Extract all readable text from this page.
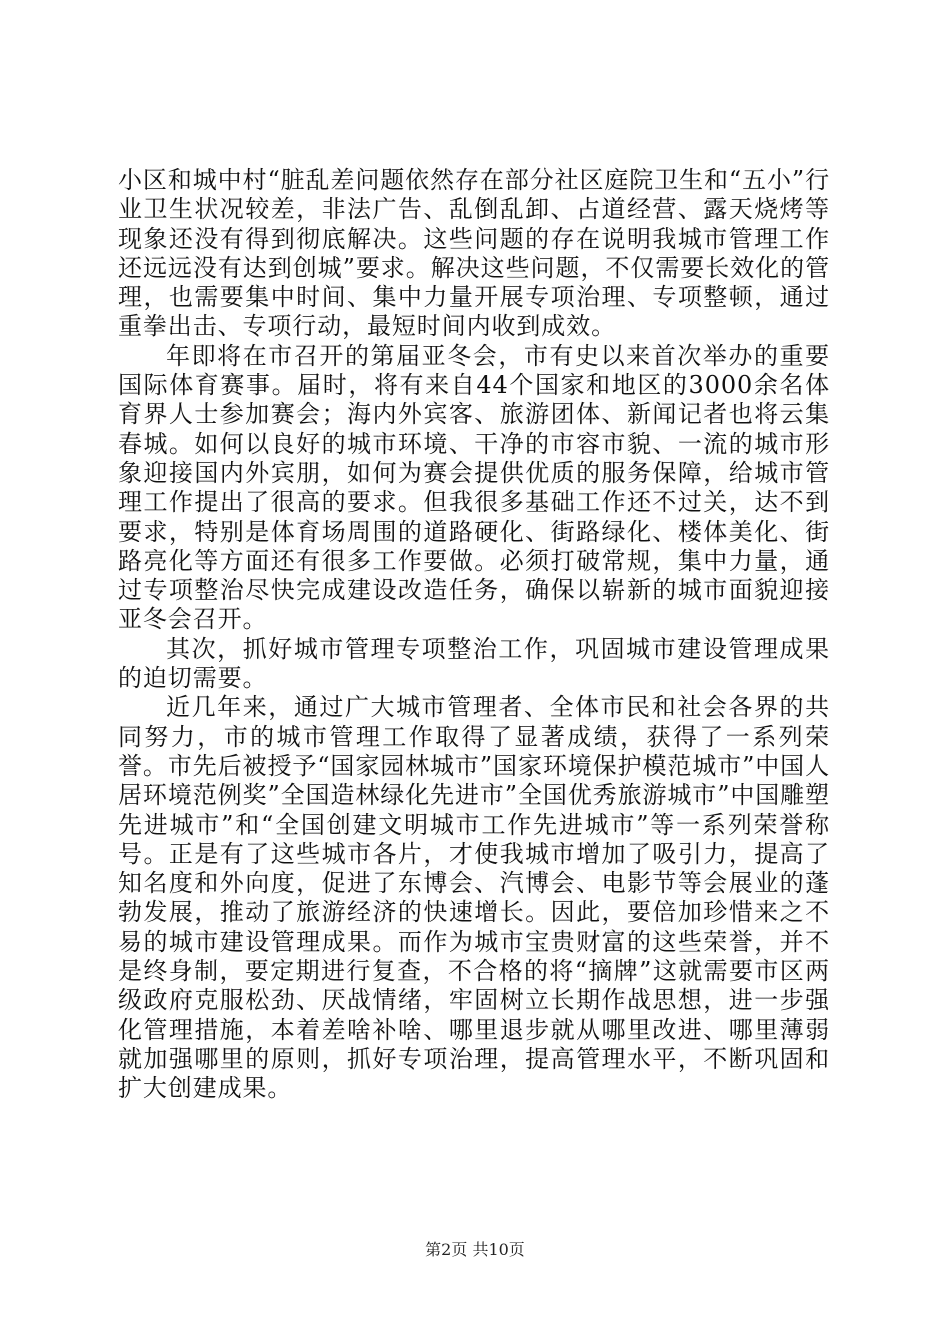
小区和城中村“脏乱差问题依然存在部分社区庭院卫生和“五小”行业卫生状况较差，非法广告、乱倒乱卸、占道经营、露天烧烤等现象还没有得到彻底解决。这些问题的存在说明我城市管理工作还远远没有达到创城”要求。解决这些问题，不仅需要长效化的管理，也需要集中时间、集中力量开展专项治理、专项整顿，通过重拳出击、专项行动，最短时间内收到成效。

年即将在市召开的第届亚冬会，市有史以来首次举办的重要国际体育赛事。届时，将有来自44个国家和地区的3000余名体育界人士参加赛会；海内外宾客、旅游团体、新闻记者也将云集春城。如何以良好的城市环境、干净的市容市貌、一流的城市形象迎接国内外宾朋，如何为赛会提供优质的服务保障，给城市管理工作提出了很高的要求。但我很多基础工作还不过关，达不到要求，特别是体育场周围的道路硬化、街路绿化、楼体美化、街路亮化等方面还有很多工作要做。必须打破常规，集中力量，通过专项整治尽快完成建设改造任务，确保以崭新的城市面貌迎接亚冬会召开。

其次，抓好城市管理专项整治工作，巩固城市建设管理成果的迫切需要。

近几年来，通过广大城市管理者、全体市民和社会各界的共同努力，市的城市管理工作取得了显著成绩，获得了一系列荣誉。市先后被授予“国家园林城市”国家环境保护模范城市”中国人居环境范例奖”全国造林绿化先进市”全国优秀旅游城市”中国雕塑先进城市”和“全国创建文明城市工作先进城市”等一系列荣誉称号。正是有了这些城市各片，才使我城市增加了吸引力，提高了知名度和外向度，促进了东博会、汽博会、电影节等会展业的蓬勃发展，推动了旅游经济的快速增长。因此，要倍加珍惜来之不易的城市建设管理成果。而作为城市宝贵财富的这些荣誉，并不是终身制，要定期进行复查，不合格的将“摘牌”这就需要市区两级政府克服松劲、厌战情绪，牢固树立长期作战思想，进一步强化管理措施，本着差啥补啥、哪里退步就从哪里改进、哪里薄弱就加强哪里的原则，抓好专项治理，提高管理水平，不断巩固和扩大创建成果。

第2页 共10页
